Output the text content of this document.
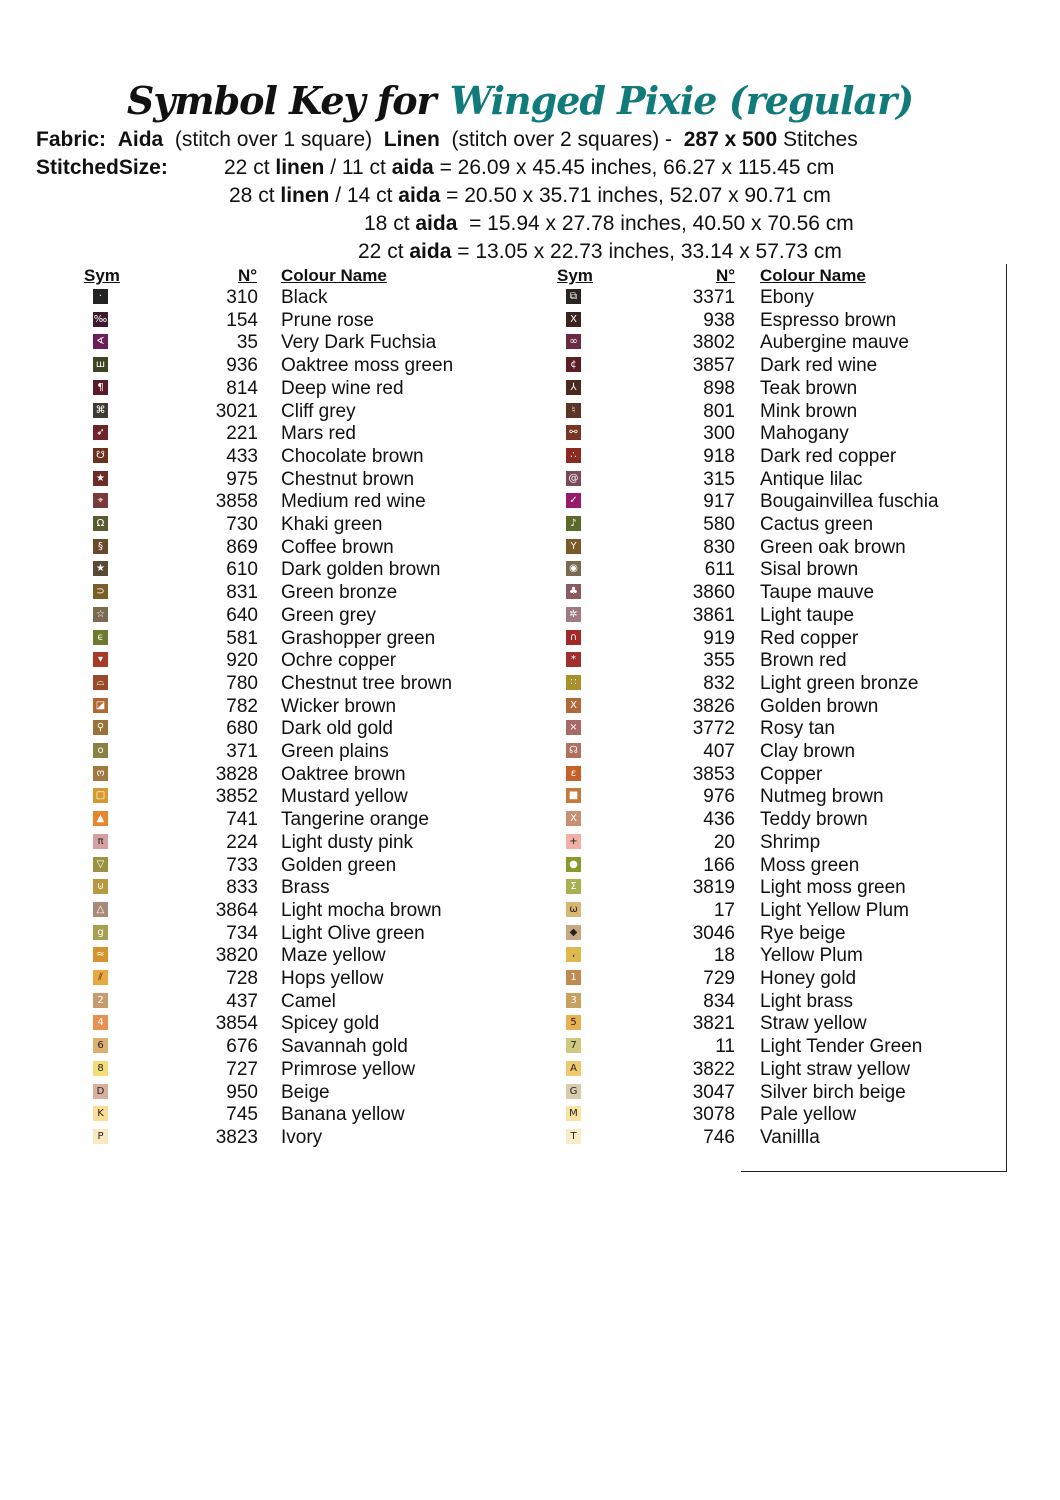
Symbol Key for Winged Pixie (regular)
Fabric: Aida (stitch over 1 square) Linen (stitch over 2 squares) - 287 x 500 Stitches
StitchedSize:	22 ct linen / 11 ct aida = 26.09 x 45.45 inches, 66.27 x 115.45 cm
28 ct linen / 14 ct aida = 20.50 x 35.71 inches, 52.07 x 90.71 cm
18 ct aida  = 15.94 x 27.78 inches, 40.50 x 70.56 cm
22 ct aida = 13.05 x 22.73 inches, 33.14 x 57.73 cm
Sym	N° Colour Name	Sym	N° Colour Name
·	310 Black
‰	154 Prune rose
∢	35 Very Dark Fuchsia
ш	936 Oaktree moss green
¶	814 Deep wine red
⌘	3021 Cliff grey
➶	221 Mars red
☋	433 Chocolate brown
★	975 Chestnut brown
⌖	3858 Medium red wine
Ω	730 Khaki green
§	869 Coffee brown
★	610 Dark golden brown
⊃	831 Green bronze
☆	640 Green grey
ϵ	581 Grashopper green
▾	920 Ochre copper
⌓	780 Chestnut tree brown
◪	782 Wicker brown
⚲	680 Dark old gold
o	371 Green plains
ო	3828 Oaktree brown
□	3852 Mustard yellow
▲	741 Tangerine orange
π	224 Light dusty pink
▽	733 Golden green
⊍	833 Brass
△	3864 Light mocha brown
g	734 Light Olive green
≈	3820 Maze yellow
⫽	728 Hops yellow
2	437 Camel
4	3854 Spicey gold
6	676 Savannah gold
8	727 Primrose yellow
D	950 Beige
K	745 Banana yellow
P	3823 Ivory
⧉	3371 Ebony
X	938 Espresso brown
∞	3802 Aubergine mauve
¢	3857 Dark red wine
⅄	898 Teak brown
♮	801 Mink brown
⚯	300 Mahogany
∴	918 Dark red copper
@	315 Antique lilac
✓	917 Bougainvillea fuschia
♪	580 Cactus green
Y	830 Green oak brown
◉	611 Sisal brown
♣	3860 Taupe mauve
✲	3861 Light taupe
∩	919 Red copper
*	355 Brown red
∷	832 Light green bronze
X	3826 Golden brown
×	3772 Rosy tan
☊	407 Clay brown
ε	3853 Copper
■	976 Nutmeg brown
X	436 Teddy brown
+	20 Shrimp
●	166 Moss green
Σ	3819 Light moss green
ω	17 Light Yellow Plum
◆	3046 Rye beige
،	18 Yellow Plum
1	729 Honey gold
3	834 Light brass
5	3821 Straw yellow
7	11 Light Tender Green
A	3822 Light straw yellow
G	3047 Silver birch beige
M	3078 Pale yellow
T	746 Vanillla
